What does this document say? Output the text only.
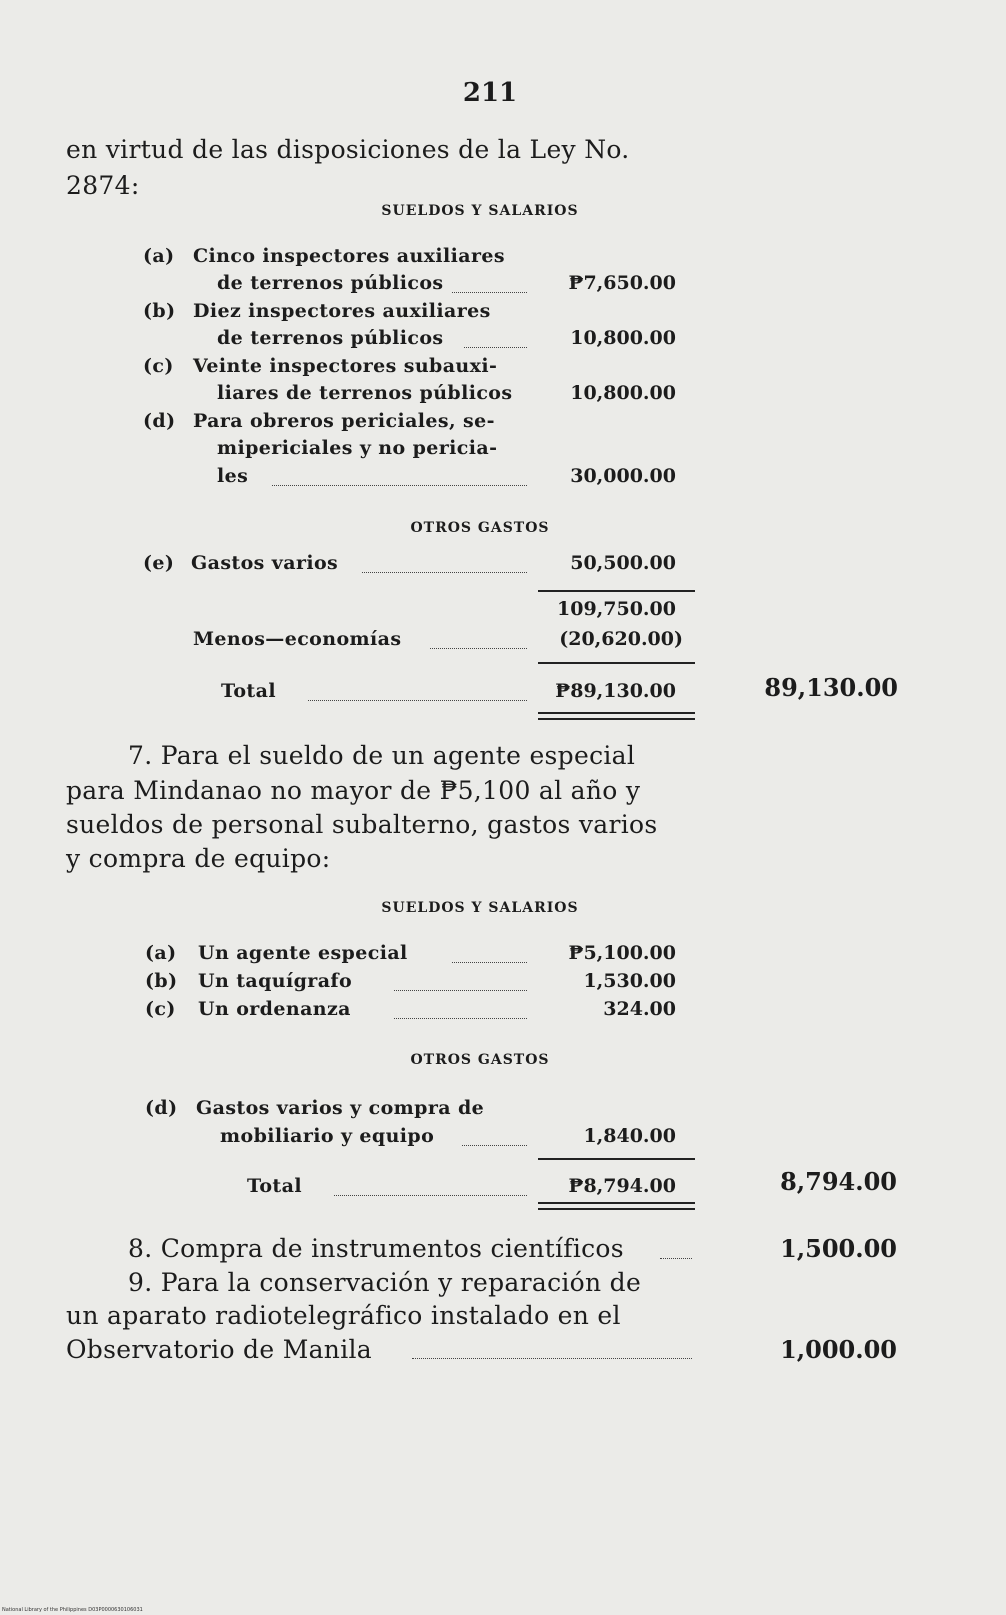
211
en virtud de las disposiciones de la Ley No.
2874:
SUELDOS Y SALARIOS
(a) Cinco inspectores auxiliares
de terrenos públicos	₱7,650.00
(b) Diez inspectores auxiliares
de terrenos públicos	10,800.00
(c) Veinte inspectores subauxi-
liares de terrenos públicos	10,800.00
(d) Para obreros periciales, se-
mipericiales y no pericia-
les	30,000.00
OTROS GASTOS
(e) Gastos varios	50,500.00
109,750.00
Menos—economías	(20,620.00)
Total	₱89,130.00	89,130.00
7. Para el sueldo de un agente especial
para Mindanao no mayor de ₱5,100 al año y
sueldos de personal subalterno, gastos varios
y compra de equipo:
SUELDOS Y SALARIOS
(a) Un agente especial	₱5,100.00
(b) Un taquígrafo	1,530.00
(c) Un ordenanza	324.00
OTROS GASTOS
(d) Gastos varios y compra de
mobiliario y equipo	1,840.00
Total	₱8,794.00	8,794.00
8. Compra de instrumentos científicos	1,500.00
9. Para la conservación y reparación de
un aparato radiotelegráfico instalado en el
Observatorio de Manila	1,000.00
National Library of the Philippines D03P0000630106031
